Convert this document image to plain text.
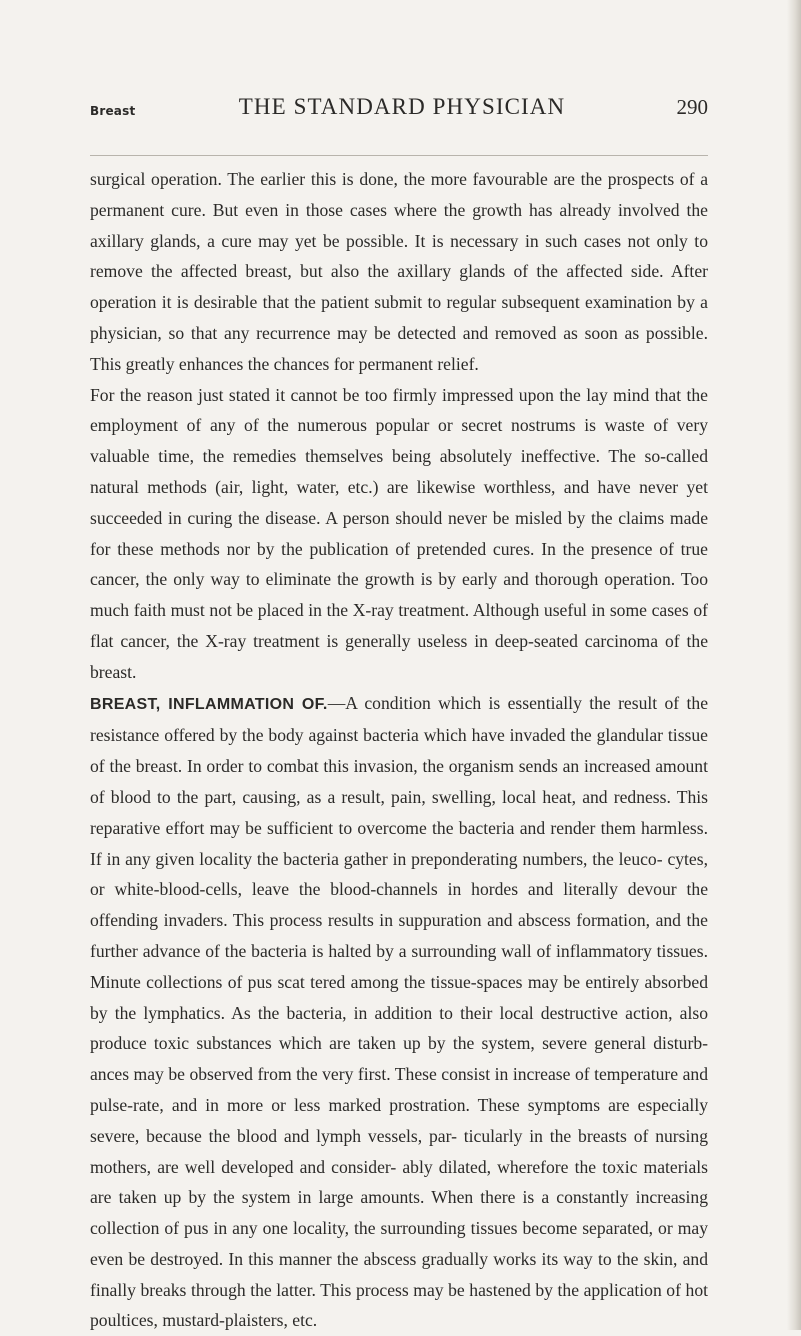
Breast	THE STANDARD PHYSICIAN	290

surgical operation. The earlier this is done, the more favourable are the prospects of a permanent cure. But even in those cases where the growth has already involved the axillary glands, a cure may yet be possible. It is necessary in such cases not only to remove the affected breast, but also the axillary glands of the affected side. After operation it is desirable that the patient submit to regular subsequent examination by a physician, so that any recurrence may be detected and removed as soon as possible. This greatly enhances the chances for permanent relief.

For the reason just stated it cannot be too firmly impressed upon the lay mind that the employment of any of the numerous popular or secret nostrums is waste of very valuable time, the remedies themselves being absolutely ineffective. The so-called natural methods (air, light, water, etc.) are likewise worthless, and have never yet succeeded in curing the disease. A person should never be misled by the claims made for these methods nor by the publication of pretended cures. In the presence of true cancer, the only way to eliminate the growth is by early and thorough operation. Too much faith must not be placed in the X-ray treatment. Although useful in some cases of flat cancer, the X-ray treatment is generally useless in deep-seated carcinoma of the breast.

BREAST, INFLAMMATION OF.—A condition which is essentially the result of the resistance offered by the body against bacteria which have invaded the glandular tissue of the breast. In order to combat this invasion, the organism sends an increased amount of blood to the part, causing, as a result, pain, swelling, local heat, and redness. This reparative effort may be sufficient to overcome the bacteria and render them harmless. If in any given locality the bacteria gather in preponderating numbers, the leuco- cytes, or white-blood-cells, leave the blood-channels in hordes and literally devour the offending invaders. This process results in suppuration and abscess formation, and the further advance of the bacteria is halted by a surrounding wall of inflammatory tissues. Minute collections of pus scat tered among the tissue-spaces may be entirely absorbed by the lymphatics. As the bacteria, in addition to their local destructive action, also produce toxic substances which are taken up by the system, severe general disturb- ances may be observed from the very first. These consist in increase of temperature and pulse-rate, and in more or less marked prostration. These symptoms are especially severe, because the blood and lymph vessels, par- ticularly in the breasts of nursing mothers, are well developed and consider- ably dilated, wherefore the toxic materials are taken up by the system in large amounts. When there is a constantly increasing collection of pus in any one locality, the surrounding tissues become separated, or may even be destroyed. In this manner the abscess gradually works its way to the skin, and finally breaks through the latter. This process may be hastened by the application of hot poultices, mustard-plaisters, etc.
